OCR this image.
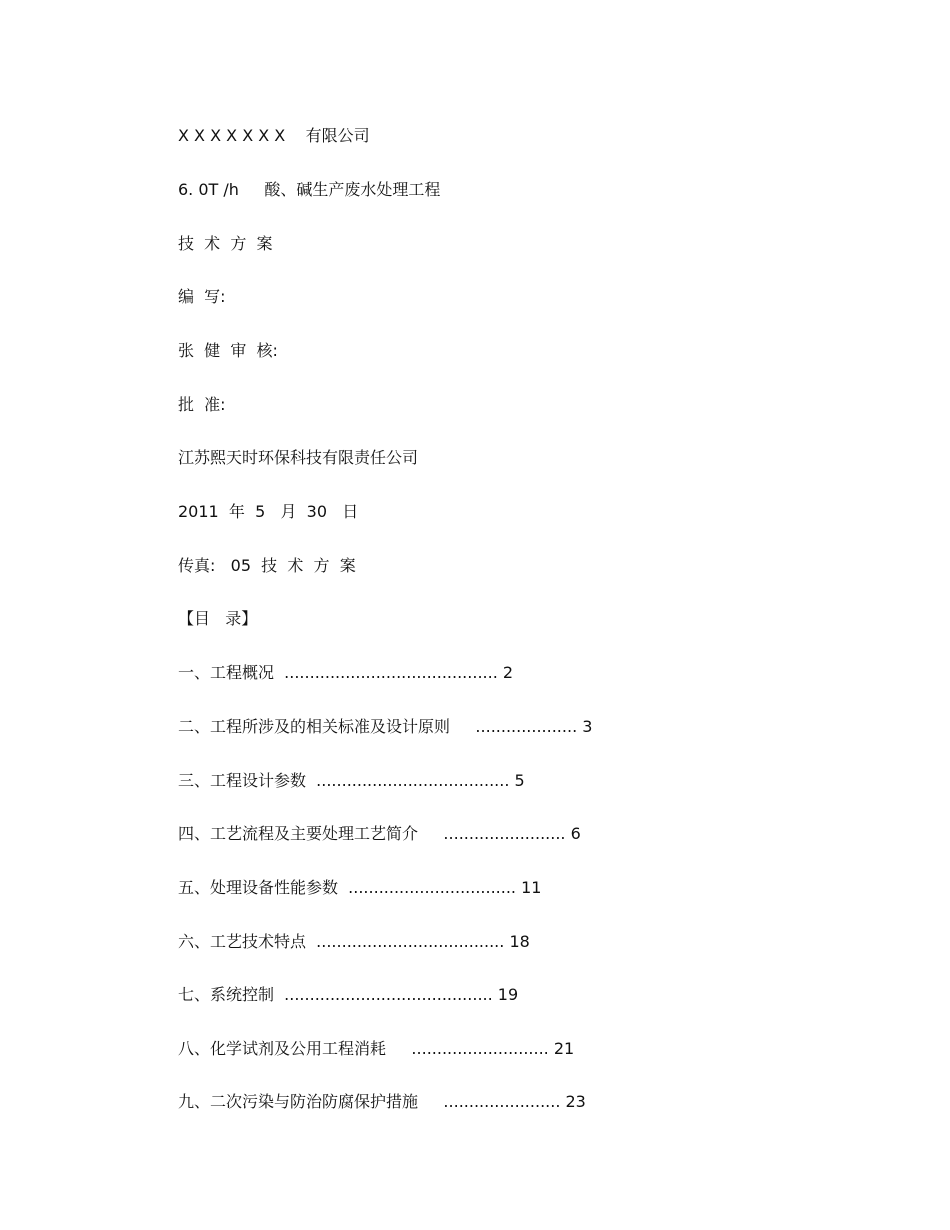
X X X X X X X    有限公司
6. 0T /h     酸、碱生产废水处理工程
技  术  方  案
编  写:
张  健  审  核:
批  准:
江苏熙天时环保科技有限责任公司
2011  年  5   月  30   日
传真:   05  技  术  方  案
【目   录】
一、工程概况  .......................................... 2
二、工程所涉及的相关标准及设计原则     .................... 3
三、工程设计参数  ...................................... 5
四、工艺流程及主要处理工艺简介     ........................ 6
五、处理设备性能参数  ................................. 11
六、工艺技术特点  ..................................... 18
七、系统控制  ......................................... 19
八、化学试剂及公用工程消耗     ........................... 21
九、二次污染与防治防腐保护措施     ....................... 23
